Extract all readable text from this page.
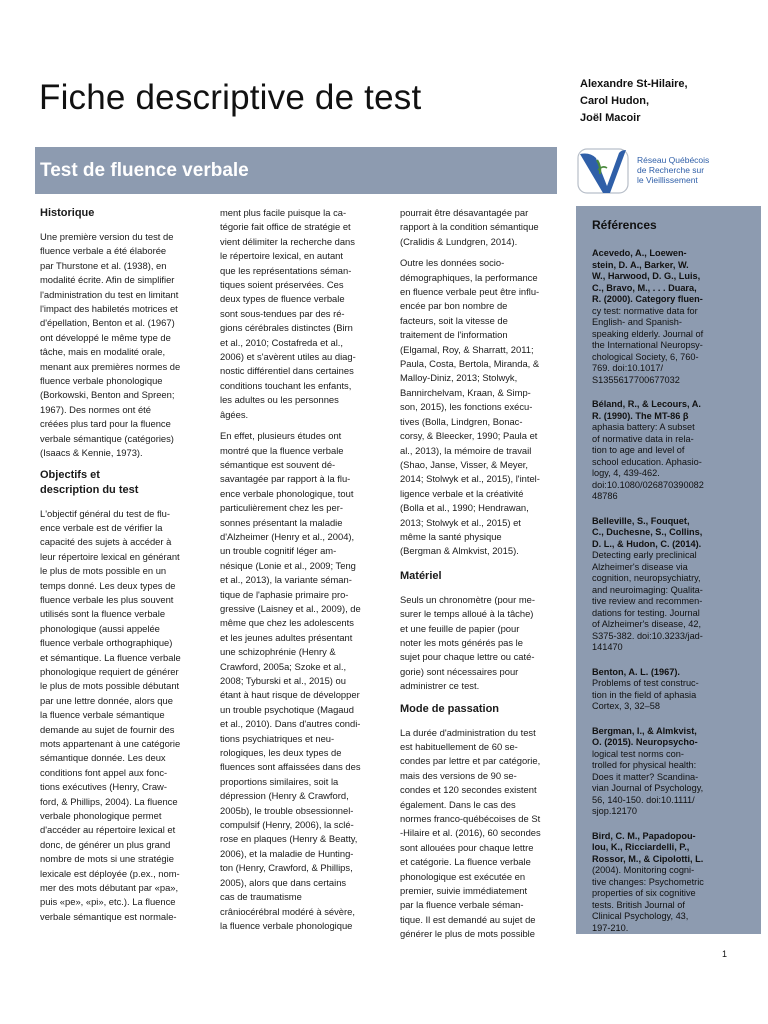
Fiche descriptive de test	Alexandre St-Hilaire,
Carol Hudon,
Joël Macoir
Test de fluence verbale	Réseau Québécois
de Recherche sur
le Vieillissement
Historique

Une première version du test de
fluence verbale a été élaborée
par Thurstone et al. (1938), en
modalité écrite. Afin de simplifier
l'administration du test en limitant
l'impact des habiletés motrices et
d'épellation, Benton et al. (1967)
ont développé le même type de
tâche, mais en modalité orale,
menant aux premières normes de
fluence verbale phonologique
(Borkowski, Benton and Spreen;
1967). Des normes ont été
créées plus tard pour la fluence
verbale sémantique (catégories)
(Isaacs & Kennie, 1973).

Objectifs et
description du test

L'objectif général du test de flu-
ence verbale est de vérifier la
capacité des sujets à accéder à
leur répertoire lexical en générant
le plus de mots possible en un
temps donné. Les deux types de
fluence verbale les plus souvent
utilisés sont la fluence verbale
phonologique (aussi appelée
fluence verbale orthographique)
et sémantique. La fluence verbale
phonologique requiert de générer
le plus de mots possible débutant
par une lettre donnée, alors que
la fluence verbale sémantique
demande au sujet de fournir des
mots appartenant à une catégorie
sémantique donnée. Les deux
conditions font appel aux fonc-
tions exécutives (Henry, Craw-
ford, & Phillips, 2004). La fluence
verbale phonologique permet
d'accéder au répertoire lexical et
donc, de générer un plus grand
nombre de mots si une stratégie
lexicale est déployée (p.ex., nom-
mer des mots débutant par «pa»,
puis «pe», «pi», etc.). La fluence
verbale sémantique est normale-

ment plus facile puisque la ca-
tégorie fait office de stratégie et
vient délimiter la recherche dans
le répertoire lexical, en autant
que les représentations séman-
tiques soient préservées. Ces
deux types de fluence verbale
sont sous-tendues par des ré-
gions cérébrales distinctes (Birn
et al., 2010; Costafreda et al.,
2006) et s'avèrent utiles au diag-
nostic différentiel dans certaines
conditions touchant les enfants,
les adultes ou les personnes
âgées.

En effet, plusieurs études ont
montré que la fluence verbale
sémantique est souvent dé-
savantagée par rapport à la flu-
ence verbale phonologique, tout
particulièrement chez les per-
sonnes présentant la maladie
d'Alzheimer (Henry et al., 2004),
un trouble cognitif léger am-
nésique (Lonie et al., 2009; Teng
et al., 2013), la variante séman-
tique de l'aphasie primaire pro-
gressive (Laisney et al., 2009), de
même que chez les adolescents
et les jeunes adultes présentant
une schizophrénie (Henry &
Crawford, 2005a; Szoke et al.,
2008; Tyburski et al., 2015) ou
étant à haut risque de développer
un trouble psychotique (Magaud
et al., 2010). Dans d'autres condi-
tions psychiatriques et neu-
rologiques, les deux types de
fluences sont affaissées dans des
proportions similaires, soit la
dépression (Henry & Crawford,
2005b), le trouble obsessionnel-
compulsif (Henry, 2006), la sclé-
rose en plaques (Henry & Beatty,
2006), et la maladie de Hunting-
ton (Henry, Crawford, & Phillips,
2005), alors que dans certains
cas de traumatisme
crâniocérébral modéré à sévère,
la fluence verbale phonologique

pourrait être désavantagée par
rapport à la condition sémantique
(Cralidis & Lundgren, 2014).

Outre les données socio-
démographiques, la performance
en fluence verbale peut être influ-
encée par bon nombre de
facteurs, soit la vitesse de
traitement de l'information
(Elgamal, Roy, & Sharratt, 2011;
Paula, Costa, Bertola, Miranda, &
Malloy-Diniz, 2013; Stolwyk,
Bannirchelvam, Kraan, & Simp-
son, 2015), les fonctions exécu-
tives (Bolla, Lindgren, Bonac-
corsy, & Bleecker, 1990; Paula et
al., 2013), la mémoire de travail
(Shao, Janse, Visser, & Meyer,
2014; Stolwyk et al., 2015), l'intel-
ligence verbale et la créativité
(Bolla et al., 1990; Hendrawan,
2013; Stolwyk et al., 2015) et
même la santé physique
(Bergman & Almkvist, 2015).

Matériel

Seuls un chronomètre (pour me-
surer le temps alloué à la tâche)
et une feuille de papier (pour
noter les mots générés pas le
sujet pour chaque lettre ou caté-
gorie) sont nécessaires pour
administrer ce test.

Mode de passation

La durée d'administration du test
est habituellement de 60 se-
condes par lettre et par catégorie,
mais des versions de 90 se-
condes et 120 secondes existent
également. Dans le cas des
normes franco-québécoises de St
-Hilaire et al. (2016), 60 secondes
sont allouées pour chaque lettre
et catégorie. La fluence verbale
phonologique est exécutée en
premier, suivie immédiatement
par la fluence verbale séman-
tique. Il est demandé au sujet de
générer le plus de mots possible

Références
Acevedo, A., Loewen-
stein, D. A., Barker, W.
W., Harwood, D. G., Luis,
C., Bravo, M., . . . Duara,
R. (2000). Category fluen-
cy test: normative data for
English- and Spanish-
speaking elderly. Journal of
the International Neuropsy-
chological Society, 6, 760-
769. doi:10.1017/
S1355617700677032
Béland, R., & Lecours, A.
R. (1990). The MT-86 β
aphasia battery: A subset
of normative data in rela-
tion to age and level of
school education. Aphasio-
logy, 4, 439-462.
doi:10.1080/026870390082
48786
Belleville, S., Fouquet,
C., Duchesne, S., Collins,
D. L., & Hudon, C. (2014).
Detecting early preclinical
Alzheimer's disease via
cognition, neuropsychiatry,
and neuroimaging: Qualita-
tive review and recommen-
dations for testing. Journal
of Alzheimer's disease, 42,
S375-382. doi:10.3233/jad-
141470
Benton, A. L. (1967).
Problems of test construc-
tion in the field of aphasia
Cortex, 3, 32–58
Bergman, I., & Almkvist,
O. (2015). Neuropsycho-
logical test norms con-
trolled for physical health:
Does it matter? Scandina-
vian Journal of Psychology,
56, 140-150. doi:10.1111/
sjop.12170
Bird, C. M., Papadopou-
lou, K., Ricciardelli, P.,
Rossor, M., & Cipolotti, L.
(2004). Monitoring cogni-
tive changes: Psychometric
properties of six cognitive
tests. British Journal of
Clinical Psychology, 43,
197-210.
1
